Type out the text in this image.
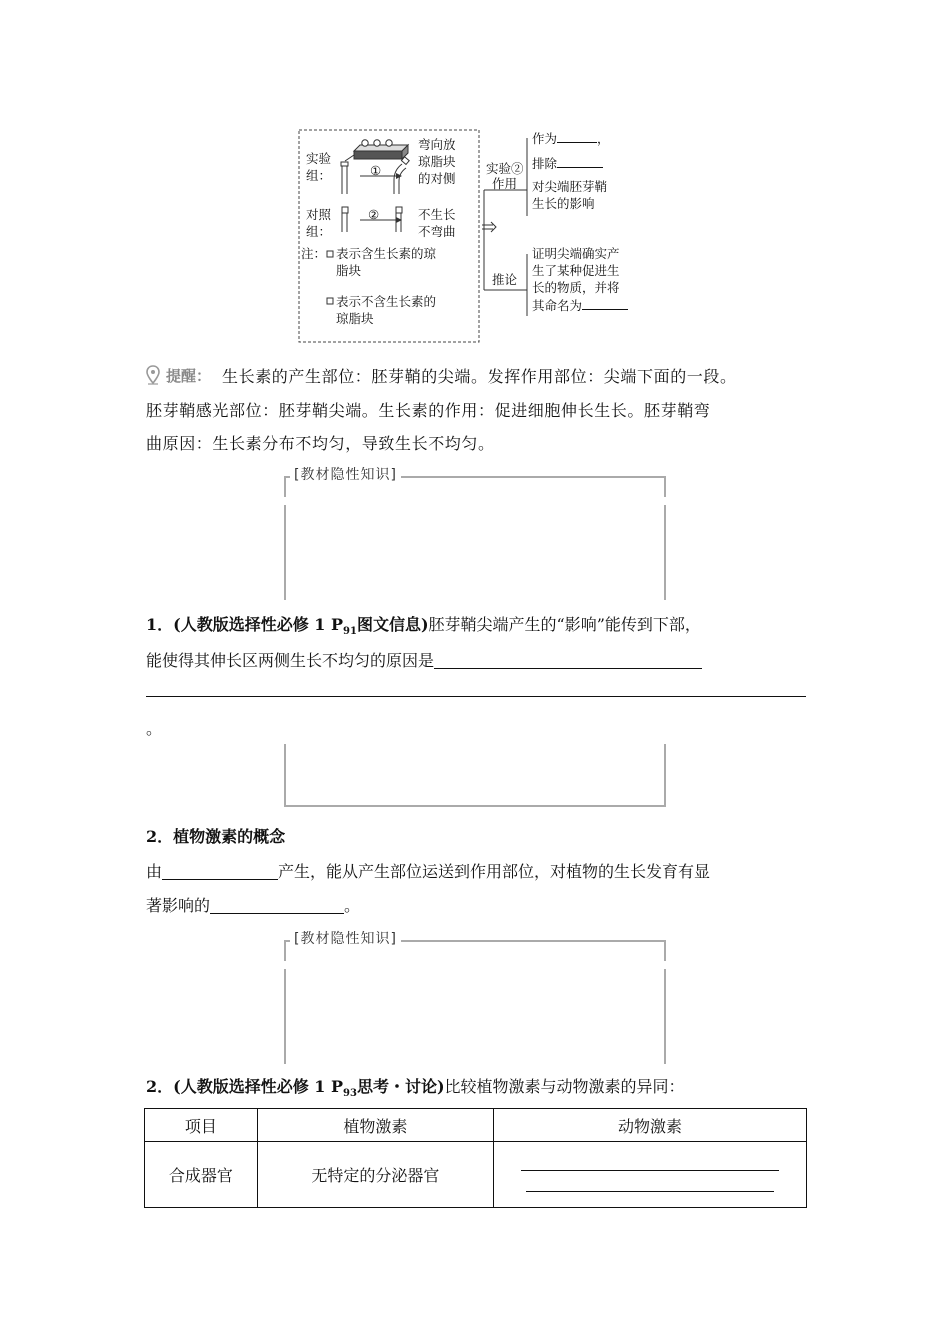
实验
组：	①
弯向放
琼脂块
的对侧
对照
组：
②	不生长
不弯曲
注： 表示含生长素的琼
脂块
表示不含生长素的
琼脂块
实验②
作用
推论
作为	，
排除
对尖端胚芽鞘
生长的影响
证明尖端确实产
生了某种促进生
长的物质，并将
其命名为
提醒： 生长素的产生部位：胚芽鞘的尖端。发挥作用部位：尖端下面的一段。
胚芽鞘感光部位：胚芽鞘尖端。生长素的作用：促进细胞伸长生长。胚芽鞘弯
曲原因：生长素分布不均匀，导致生长不均匀。
[教材隐性知识]
1．(人教版选择性必修 1 $P_{91}$图文信息)胚芽鞘尖端产生的“影响”能传到下部，
能使得其伸长区两侧生长不均匀的原因是
。
2．植物激素的概念
由	产生，能从产生部位运送到作用部位，对植物的生长发育有显
著影响的	。
[教材隐性知识]
2．(人教版选择性必修 1 $P_{93}$思考・讨论)比较植物激素与动物激素的异同：
项目	植物激素	动物激素
合成器官	无特定的分泌器官	
